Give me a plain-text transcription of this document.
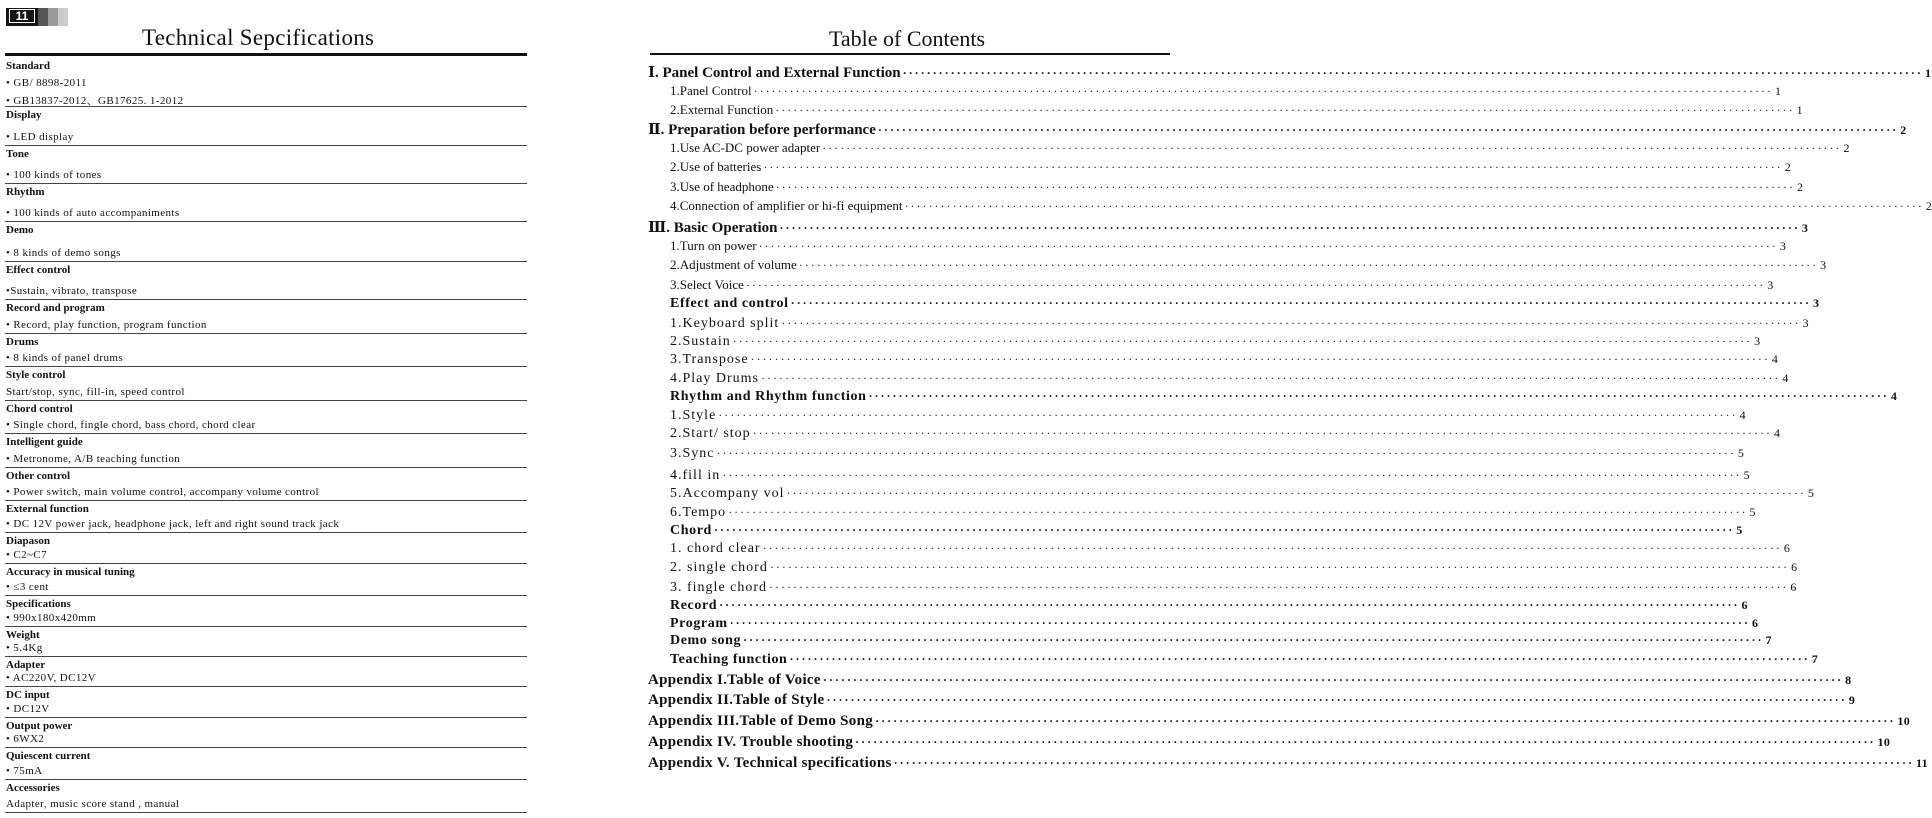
11
Technical Sepcifications
Standard
• GB/ 8898-2011
• GB13837-2012、GB17625. 1-2012
Display
• LED display
Tone
• 100 kinds of tones
Rhythm
• 100 kinds of auto accompaniments
Demo
• 8 kinds of demo songs
Effect control
•Sustain, vibrato, transpose
Record and program
• Record, play function, program function
Drums
• 8 kinds of panel drums
Style control
Start/stop, sync, fill-in, speed control
Chord control
• Single chord, fingle chord, bass chord, chord clear
Intelligent guide
• Metronome, A/B teaching function
Other control
• Power switch, main volume control, accompany volume control
External function
• DC 12V power jack, headphone jack, left and right sound track jack
Diapason
• C2~C7
Accuracy in musical tuning
• ≤3 cent
Specifications
• 990x180x420mm
Weight
• 5.4Kg
Adapter
• AC220V, DC12V
DC input
• DC12V
Output power
• 6WX2
Quiescent current
• 75mA
Accessories
Adapter, music score stand , manual
Table of Contents
Ⅰ. Panel Control and External Function ·····	1
1.Panel Control ·····	1
2.External Function ·····	1
Ⅱ. Preparation before performance ·····	2
1.Use AC-DC power adapter ·····	2
2.Use of batteries ·····	2
3.Use of headphone ·····	2
4.Connection of amplifier or hi-fi equipment ·····	2
Ⅲ. Basic Operation ·····	3
1.Turn on power ·····	3
2.Adjustment of volume ·····	3
3.Select Voice ·····	3
Effect and control ·····	3
1.Keyboard split ·····	3
2.Sustain ·····	3
3.Transpose ·····	4
4.Play Drums ·····	4
Rhythm and Rhythm function ·····	4
1.Style ·····	4
2.Start/ stop ·····	4
3.Sync ·····	5
4.fill in ·····	5
5.Accompany vol ·····	5
6.Tempo ·····	5
Chord ·····	5
1. chord clear ·····	6
2. single chord ·····	6
3. fingle chord ·····	6
Record ·····	6
Program ·····	6
Demo song ·····	7
Teaching function ·····	7
Appendix I.Table of Voice ·····	8
Appendix II.Table of Style ·····	9
Appendix III.Table of Demo Song ·····	10
Appendix IV. Trouble shooting ·····	10
Appendix V. Technical specifications ·····	11
